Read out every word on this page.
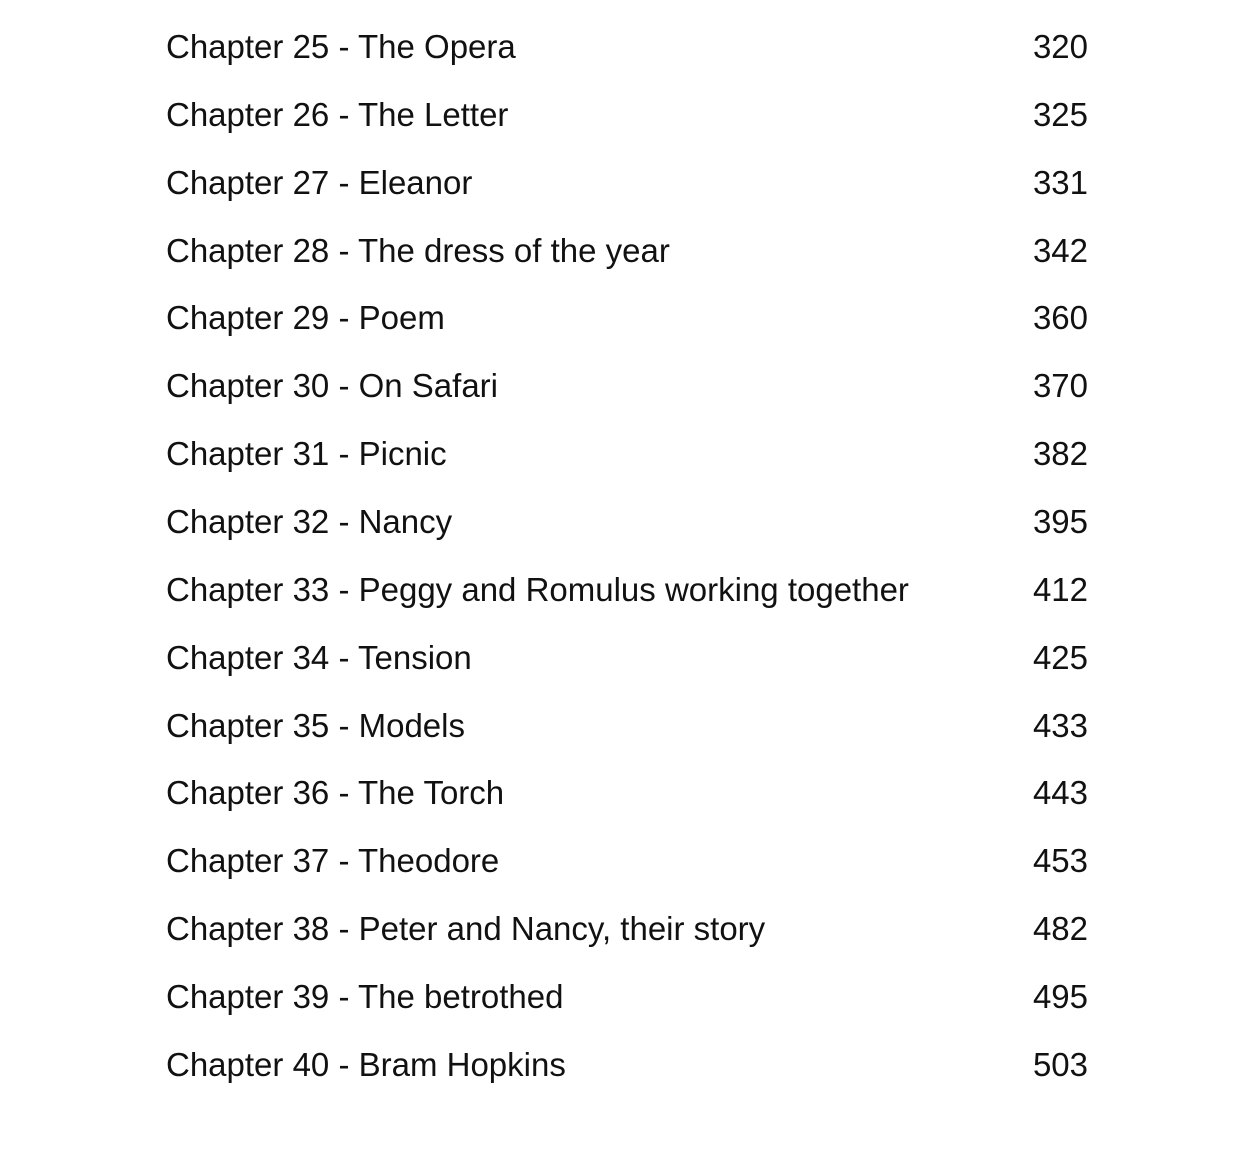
Chapter 25 - The Opera	320
Chapter 26 - The Letter	325
Chapter 27 - Eleanor	331
Chapter 28 - The dress of the year	342
Chapter 29 - Poem	360
Chapter 30 - On Safari	370
Chapter 31 - Picnic	382
Chapter 32 - Nancy	395
Chapter 33 - Peggy and Romulus working together	412
Chapter 34 - Tension	425
Chapter 35 - Models	433
Chapter 36 - The Torch	443
Chapter 37 - Theodore	453
Chapter 38 - Peter and Nancy, their story	482
Chapter 39 - The betrothed	495
Chapter 40 - Bram Hopkins	503
